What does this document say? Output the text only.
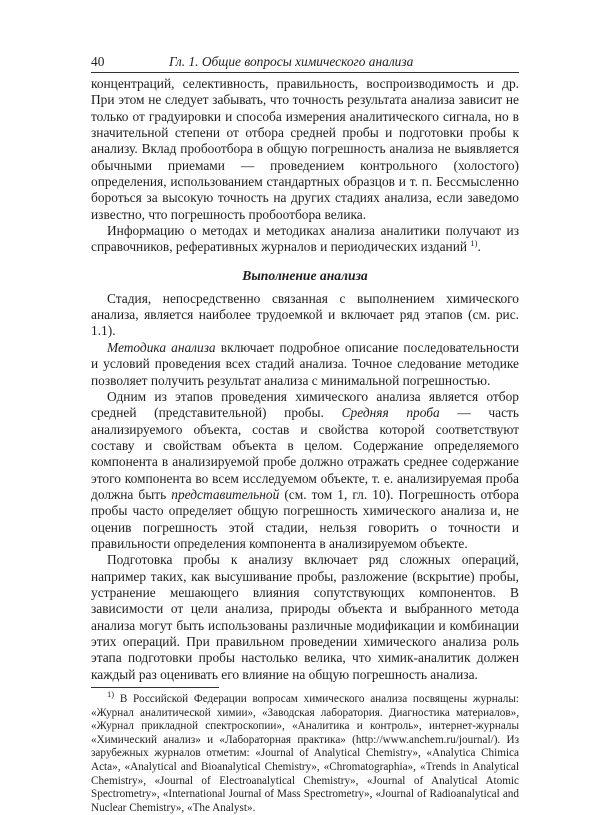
40	Гл. 1. Общие вопросы химического анализа

концентраций, селективность, правильность, воспроизводимость и др. При этом не следует забывать, что точность результата анализа зависит не только от градуировки и способа измерения аналитического сигнала, но в значительной степени от отбора средней пробы и подготовки пробы к анализу. Вклад пробоотбора в общую погрешность анализа не выявляется обычными приемами — проведением контрольного (холостого) определения, использованием стандартных образцов и т. п. Бессмысленно бороться за высокую точность на других стадиях анализа, если заведомо известно, что погрешность пробоотбора велика.

Информацию о методах и методиках анализа аналитики получают из справочников, реферативных журналов и периодических изданий $^{1)}$.

Выполнение анализа

Стадия, непосредственно связанная с выполнением химического анализа, является наиболее трудоемкой и включает ряд этапов (см. рис. 1.1).

Методика анализа включает подробное описание последовательности и условий проведения всех стадий анализа. Точное следование методике позволяет получить результат анализа с минимальной погрешностью.

Одним из этапов проведения химического анализа является отбор средней (представительной) пробы. Средняя проба — часть анализируемого объекта, состав и свойства которой соответствуют составу и свойствам объекта в целом. Содержание определяемого компонента в анализируемой пробе должно отражать среднее содержание этого компонента во всем исследуемом объекте, т. е. анализируемая проба должна быть представительной (см. том 1, гл. 10). Погрешность отбора пробы часто определяет общую погрешность химического анализа и, не оценив погрешность этой стадии, нельзя говорить о точности и правильности определения компонента в анализируемом объекте.

Подготовка пробы к анализу включает ряд сложных операций, например таких, как высушивание пробы, разложение (вскрытие) пробы, устранение мешающего влияния сопутствующих компонентов. В зависимости от цели анализа, природы объекта и выбранного метода анализа могут быть использованы различные модификации и комбинации этих операций. При правильном проведении химического анализа роль этапа подготовки пробы настолько велика, что химик-аналитик должен каждый раз оценивать его влияние на общую погрешность анализа.

$^{1)}$ В Российской Федерации вопросам химического анализа посвящены журналы: «Журнал аналитической химии», «Заводская лаборатория. Диагностика материалов», «Журнал прикладной спектроскопии», «Аналитика и контроль», интернет-журналы «Химический анализ» и «Лабораторная практика» (http://www.anchem.ru/journal/). Из зарубежных журналов отметим: «Journal of Analytical Chemistry», «Analytica Chimica Acta», «Analytical and Bioanalytical Chemistry», «Chromatographia», «Trends in Analytical Chemistry», «Journal of Electroanalytical Chemistry», «Journal of Analytical Atomic Spectrometry», «International Journal of Mass Spectrometry», «Journal of Radioanalytical and Nuclear Chemistry», «The Analyst».
